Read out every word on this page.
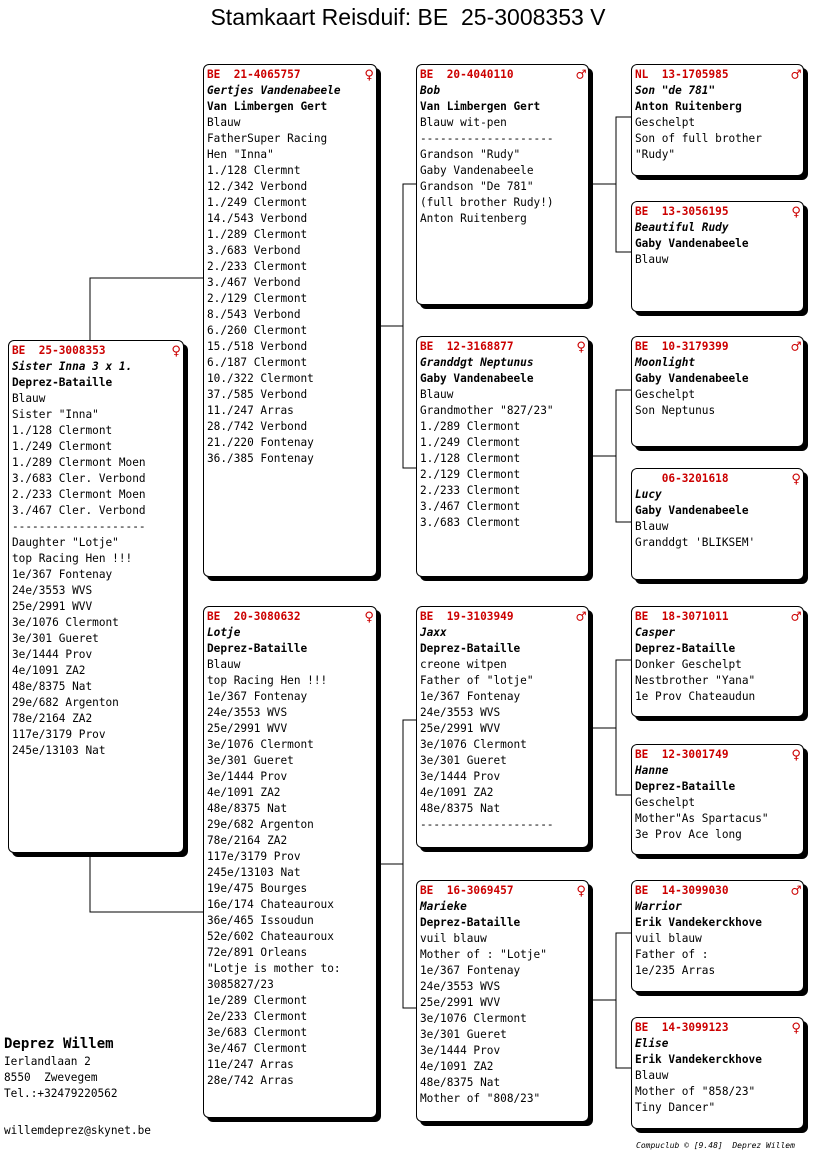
Stamkaart Reisduif: BE  25-3008353 V
BE  25-3008353	♀
Sister Inna 3 x 1.
Deprez-Bataille
Blauw
Sister "Inna"
1./128 Clermont
1./249 Clermont
1./289 Clermont Moen
3./683 Cler. Verbond
2./233 Clermont Moen
3./467 Cler. Verbond
--------------------
Daughter "Lotje"
top Racing Hen !!!
1e/367 Fontenay
24e/3553 WVS
25e/2991 WVV
3e/1076 Clermont
3e/301 Gueret
3e/1444 Prov
4e/1091 ZA2
48e/8375 Nat
29e/682 Argenton
78e/2164 ZA2
117e/3179 Prov
245e/13103 Nat
BE  21-4065757	♀
Gertjes Vandenabeele
Van Limbergen Gert
Blauw
FatherSuper Racing
Hen "Inna"
1./128 Clermnt
12./342 Verbond
1./249 Clermont
14./543 Verbond
1./289 Clermont
3./683 Verbond
2./233 Clermont
3./467 Verbond
2./129 Clermont
8./543 Verbond
6./260 Clermont
15./518 Verbond
6./187 Clermont
10./322 Clermont
37./585 Verbond
11./247 Arras
28./742 Verbond
21./220 Fontenay
36./385 Fontenay
BE  20-3080632	♀
Lotje
Deprez-Bataille
Blauw
top Racing Hen !!!
1e/367 Fontenay
24e/3553 WVS
25e/2991 WVV
3e/1076 Clermont
3e/301 Gueret
3e/1444 Prov
4e/1091 ZA2
48e/8375 Nat
29e/682 Argenton
78e/2164 ZA2
117e/3179 Prov
245e/13103 Nat
19e/475 Bourges
16e/174 Chateauroux
36e/465 Issoudun
52e/602 Chateauroux
72e/891 Orleans
"Lotje is mother to:
3085827/23
1e/289 Clermont
2e/233 Clermont
3e/683 Clermont
3e/467 Clermont
11e/247 Arras
28e/742 Arras
BE  20-4040110	♂
Bob
Van Limbergen Gert
Blauw wit-pen
--------------------
Grandson "Rudy"
Gaby Vandenabeele
Grandson "De 781"
(full brother Rudy!)
Anton Ruitenberg
BE  12-3168877	♀
Granddgt Neptunus
Gaby Vandenabeele
Blauw
Grandmother "827/23"
1./289 Clermont
1./249 Clermont
1./128 Clermont
2./129 Clermont
2./233 Clermont
3./467 Clermont
3./683 Clermont
BE  19-3103949	♂
Jaxx
Deprez-Bataille
creone witpen
Father of "lotje"
1e/367 Fontenay
24e/3553 WVS
25e/2991 WVV
3e/1076 Clermont
3e/301 Gueret
3e/1444 Prov
4e/1091 ZA2
48e/8375 Nat
--------------------
BE  16-3069457	♀
Marieke
Deprez-Bataille
vuil blauw
Mother of : "Lotje"
1e/367 Fontenay
24e/3553 WVS
25e/2991 WVV
3e/1076 Clermont
3e/301 Gueret
3e/1444 Prov
4e/1091 ZA2
48e/8375 Nat
Mother of "808/23"
NL  13-1705985	♂
Son "de 781"
Anton Ruitenberg
Geschelpt
Son of full brother
"Rudy"
BE  13-3056195	♀
Beautiful Rudy
Gaby Vandenabeele
Blauw
BE  10-3179399	♂
Moonlight
Gaby Vandenabeele
Geschelpt
Son Neptunus
06-3201618	♀
Lucy
Gaby Vandenabeele
Blauw
Granddgt 'BLIKSEM'
BE  18-3071011	♂
Casper
Deprez-Bataille
Donker Geschelpt
Nestbrother "Yana"
1e Prov Chateaudun
BE  12-3001749	♀
Hanne
Deprez-Bataille
Geschelpt
Mother"As Spartacus"
3e Prov Ace long
BE  14-3099030	♂
Warrior
Erik Vandekerckhove
vuil blauw
Father of :
1e/235 Arras
BE  14-3099123	♀
Elise
Erik Vandekerckhove
Blauw
Mother of "858/23"
Tiny Dancer"
Deprez Willem
Ierlandlaan 2
8550  Zwevegem
Tel.:+32479220562
willemdeprez@skynet.be
Compuclub © [9.48]  Deprez Willem
